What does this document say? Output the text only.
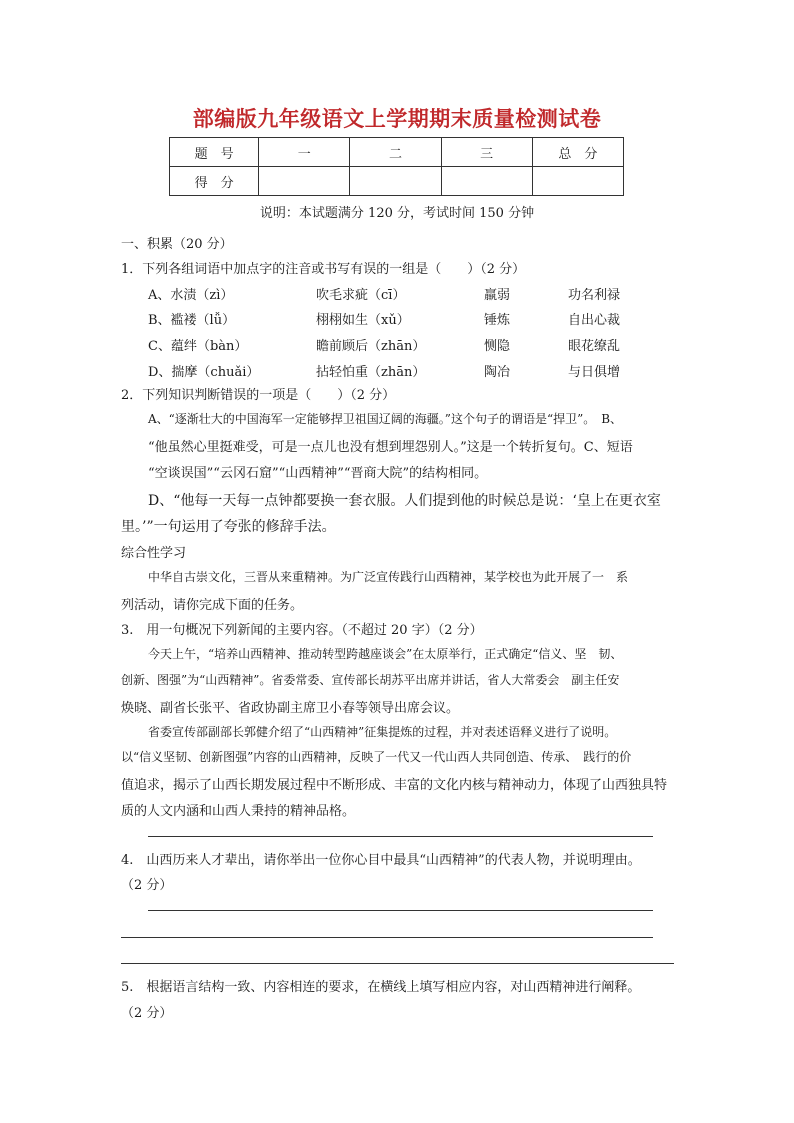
部编版九年级语文上学期期末质量检测试卷
题　号	一	二	三	总　分
得　分				
说明：本试题满分 120 分，考试时间 150 分钟
一、积累（20 分）
1．下列各组词语中加点字的注音或书写有误的一组是（　　）（2 分）
A、水渍（zì）	吹毛求疵（cī）	羸弱	功名利禄
B、褴褛（lǚ）	栩栩如生（xǔ）	锤炼	自出心裁
C、蕴绊（bàn）	瞻前顾后（zhān）	恻隐	眼花缭乱
D、揣摩（chuǎi）	拈轻怕重（zhān）	陶冶	与日俱增
2．下列知识判断错误的一项是（　　）（2 分）
A、“逐渐壮大的中国海军一定能够捍卫祖国辽阔的海疆。”这个句子的谓语是“捍卫”。　B、
“他虽然心里挺难受，可是一点儿也没有想到埋怨别人。”这是一个转折复句。C、短语
“空谈误国”“云冈石窟”“山西精神”“晋商大院”的结构相同。
D、“他每一天每一点钟都要换一套衣服。人们提到他的时候总是说：‘皇上在更衣室
里。’”一句运用了夸张的修辞手法。
综合性学习
中华自古崇文化，三晋从来重精神。为广泛宣传践行山西精神，某学校也为此开展了一　系
列活动，请你完成下面的任务。
3.　用一句概况下列新闻的主要内容。（不超过 20 字）（2 分）
今天上午，“培养山西精神、推动转型跨越座谈会”在太原举行，正式确定“信义、坚　韧、
创新、图强”为“山西精神”。省委常委、宣传部长胡苏平出席并讲话，省人大常委会　副主任安
焕晓、副省长张平、省政协副主席卫小春等领导出席会议。
省委宣传部副部长郭健介绍了“山西精神”征集提炼的过程，并对表述语释义进行了说明。
以“信义坚韧、创新图强”内容的山西精神，反映了一代又一代山西人共同创造、传承、　践行的价
值追求，揭示了山西长期发展过程中不断形成、丰富的文化内核与精神动力，体现了山西独具特
质的人文内涵和山西人秉持的精神品格。
4.　山西历来人才辈出，请你举出一位你心目中最具“山西精神”的代表人物，并说明理由。
（2 分）
5.　根据语言结构一致、内容相连的要求，在横线上填写相应内容，对山西精神进行阐释。
（2 分）
